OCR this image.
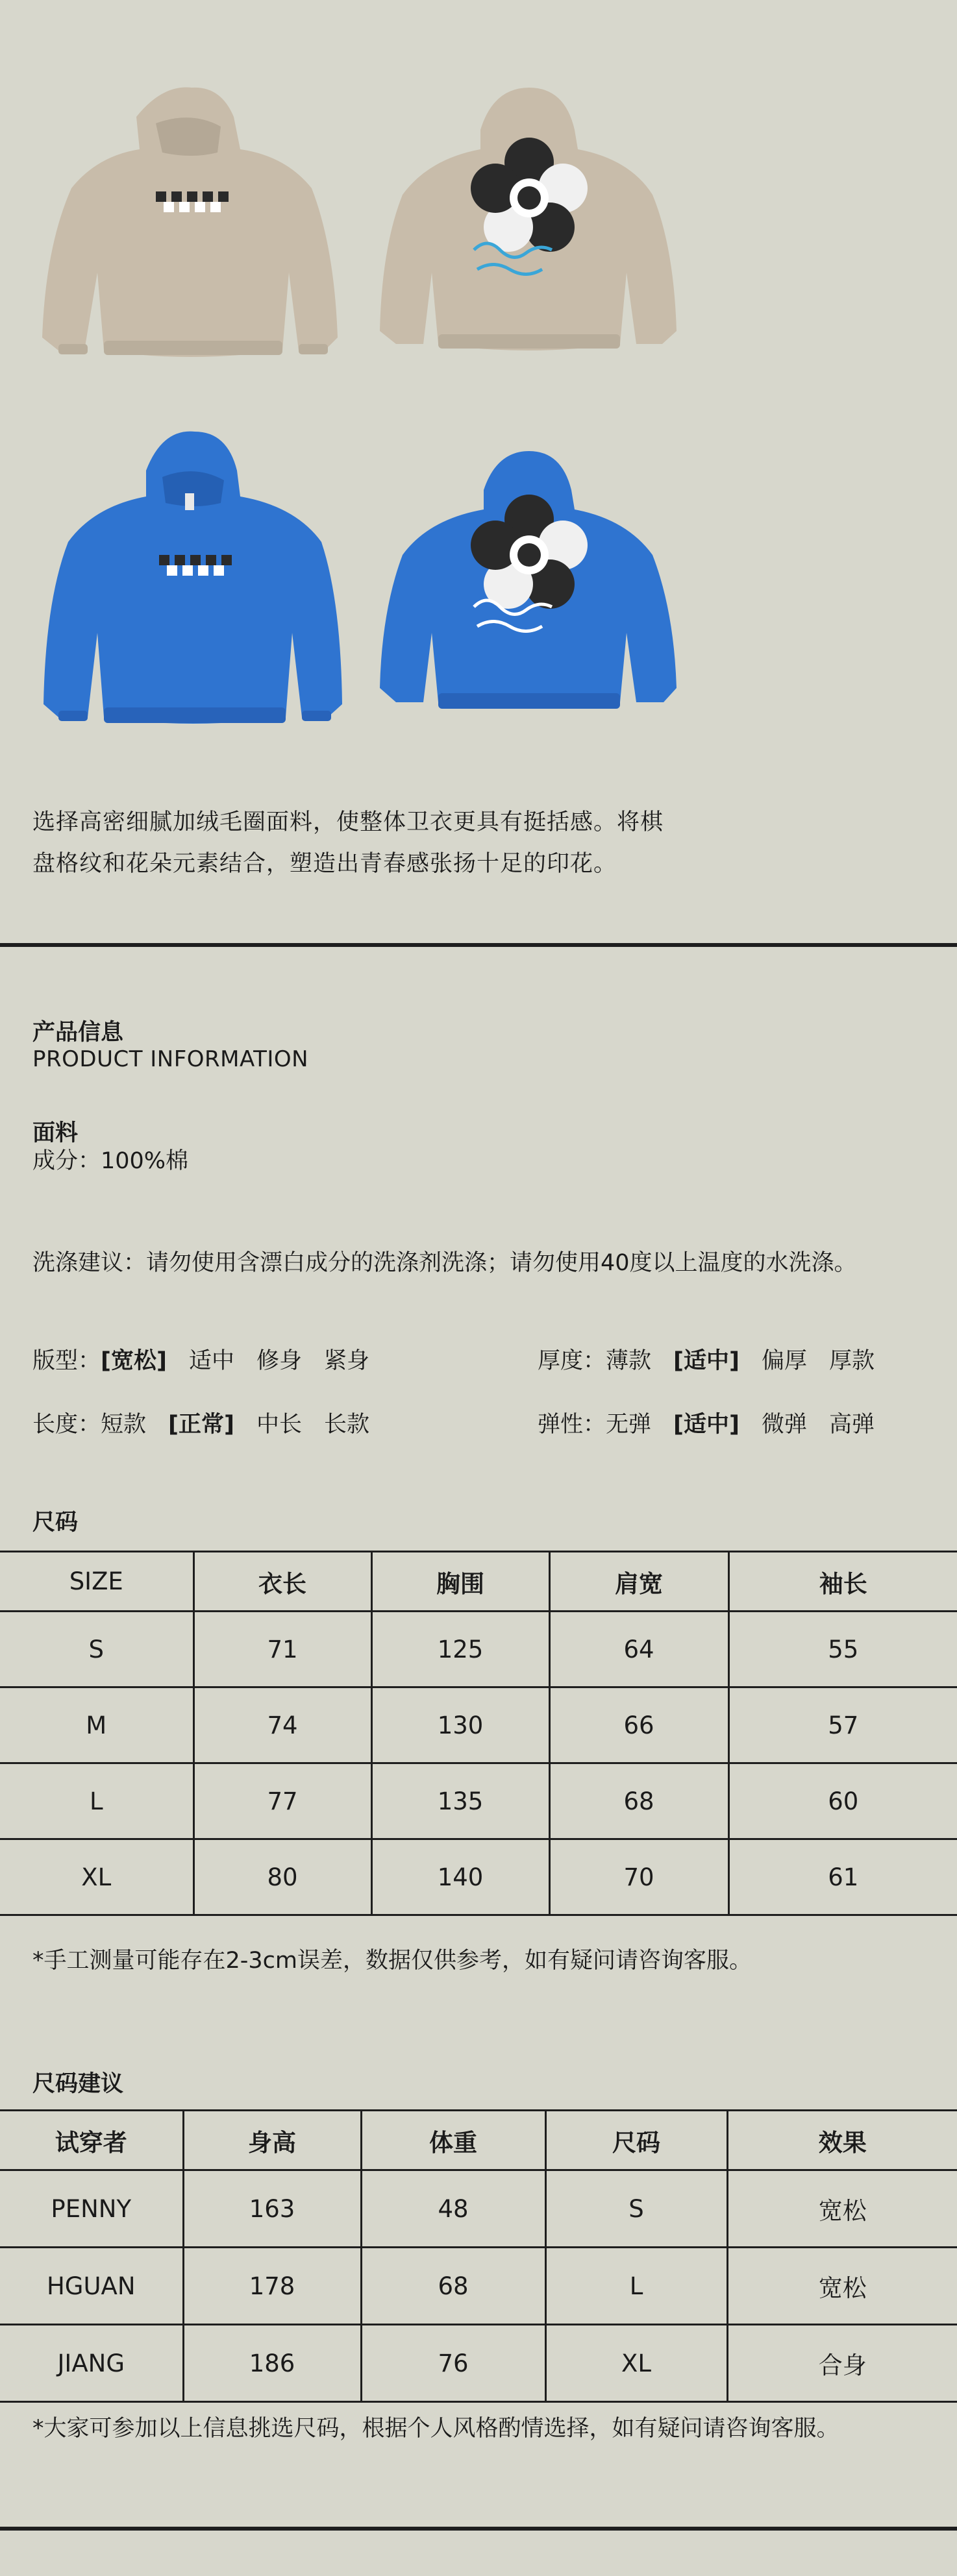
选择高密细腻加绒毛圈面料，使整体卫衣更具有挺括感。将棋
盘格纹和花朵元素结合，塑造出青春感张扬十足的印花。
产品信息
PRODUCT INFORMATION
面料
成分：100%棉
洗涤建议：请勿使用含漂白成分的洗涤剂洗涤；请勿使用40度以上温度的水洗涤。
版型：[宽松] 适中 修身 紧身	厚度：薄款 [适中] 偏厚 厚款
长度：短款 [正常] 中长 长款	弹性：无弹 [适中] 微弹 高弹
尺码
SIZE	衣长	胸围	肩宽	袖长
S	71	125	64	55
M	74	130	66	57
L	77	135	68	60
XL	80	140	70	61
*手工测量可能存在2-3cm误差，数据仅供参考，如有疑问请咨询客服。
尺码建议
试穿者	身高	体重	尺码	效果
PENNY	163	48	S	宽松
HGUAN	178	68	L	宽松
JIANG	186	76	XL	合身
*大家可参加以上信息挑选尺码，根据个人风格酌情选择，如有疑问请咨询客服。
